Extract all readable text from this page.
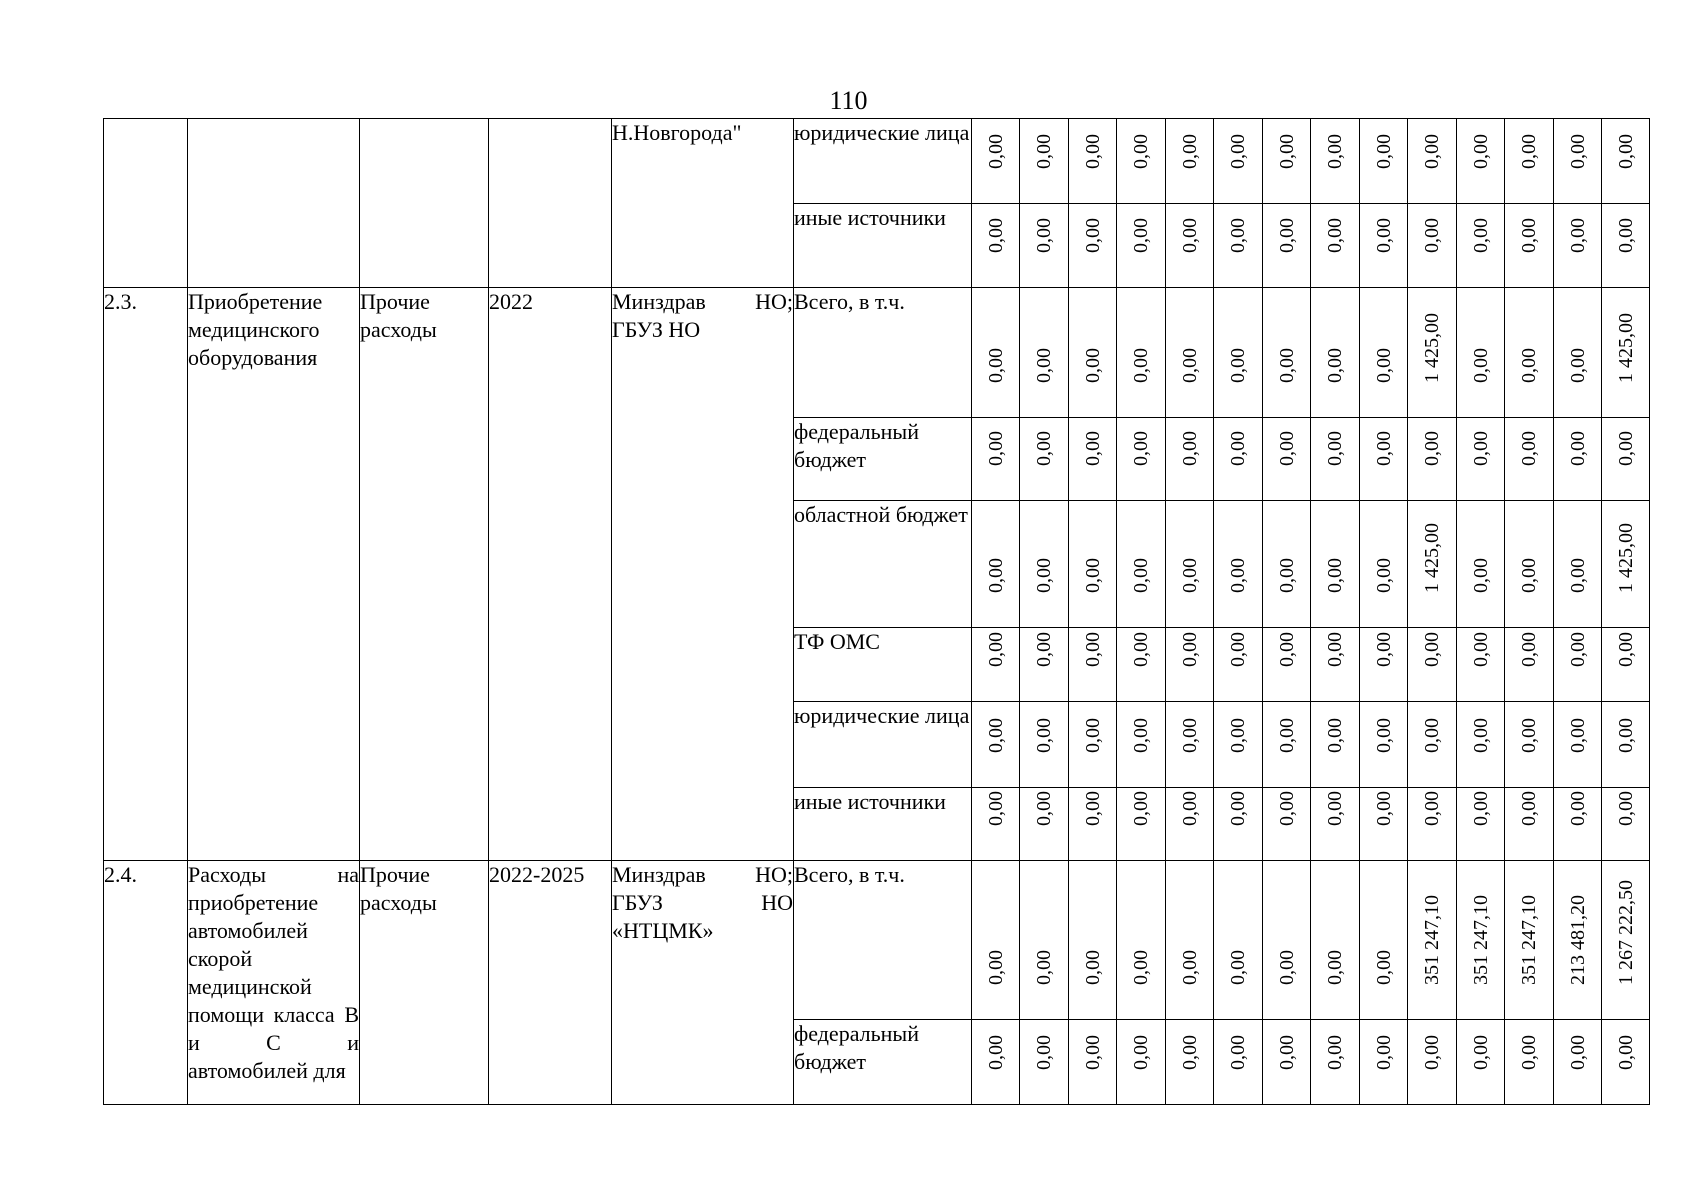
110
				Н.Новгорода"	юридические лица	0,00	0,00	0,00	0,00	0,00	0,00	0,00	0,00	0,00	0,00	0,00	0,00	0,00	0,00

					иные источники	0,00	0,00	0,00	0,00	0,00	0,00	0,00	0,00	0,00	0,00	0,00	0,00	0,00	0,00

2.3.	Приобретение медицинского оборудования	Прочие расходы	2022	Минздрав НО; ГБУЗ НО	Всего, в т.ч.	0,00	0,00	0,00	0,00	0,00	0,00	0,00	0,00	0,00	1 425,00	0,00	0,00	0,00	1 425,00

					федеральный бюджет	0,00	0,00	0,00	0,00	0,00	0,00	0,00	0,00	0,00	0,00	0,00	0,00	0,00	0,00

					областной бюджет	0,00	0,00	0,00	0,00	0,00	0,00	0,00	0,00	0,00	1 425,00	0,00	0,00	0,00	1 425,00

					ТФ ОМС	0,00	0,00	0,00	0,00	0,00	0,00	0,00	0,00	0,00	0,00	0,00	0,00	0,00	0,00

					юридические лица	0,00	0,00	0,00	0,00	0,00	0,00	0,00	0,00	0,00	0,00	0,00	0,00	0,00	0,00

					иные источники	0,00	0,00	0,00	0,00	0,00	0,00	0,00	0,00	0,00	0,00	0,00	0,00	0,00	0,00

2.4.	Расходы на приобретение автомобилей скорой медицинской помощи класса В и С и автомобилей для	Прочие расходы	2022-2025	Минздрав НО; ГБУЗ НО «НТЦМК»	Всего, в т.ч.	0,00	0,00	0,00	0,00	0,00	0,00	0,00	0,00	0,00	351 247,10	351 247,10	351 247,10	213 481,20	1 267 222,50

					федеральный бюджет	0,00	0,00	0,00	0,00	0,00	0,00	0,00	0,00	0,00	0,00	0,00	0,00	0,00	0,00
